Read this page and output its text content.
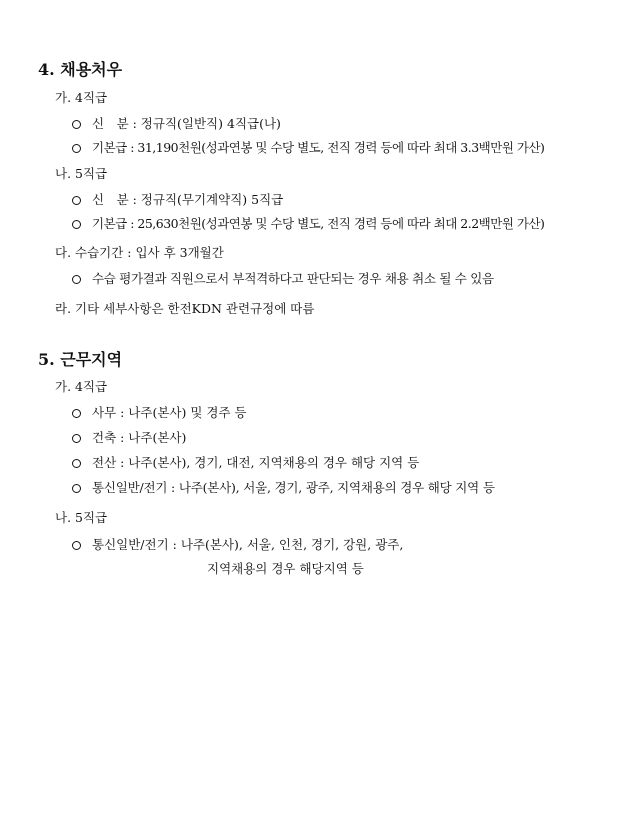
4. 채용처우
가. 4직급
신　분 : 정규직(일반직) 4직급(나)
기본급 : 31,190천원(성과연봉 및 수당 별도, 전직 경력 등에 따라 최대 3.3백만원 가산)
나. 5직급
신　분 : 정규직(무기계약직) 5직급
기본급 : 25,630천원(성과연봉 및 수당 별도, 전직 경력 등에 따라 최대 2.2백만원 가산)
다. 수습기간 : 입사 후 3개월간
수습 평가결과 직원으로서 부적격하다고 판단되는 경우 채용 취소 될 수 있음
라. 기타 세부사항은 한전KDN 관련규정에 따름
5. 근무지역
가. 4직급
사무 : 나주(본사) 및 경주 등
건축 : 나주(본사)
전산 : 나주(본사), 경기, 대전, 지역채용의 경우 해당 지역 등
통신일반/전기 : 나주(본사), 서울, 경기, 광주, 지역채용의 경우 해당 지역 등
나. 5직급
통신일반/전기 : 나주(본사), 서울, 인천, 경기, 강원, 광주,
지역채용의 경우 해당지역 등
